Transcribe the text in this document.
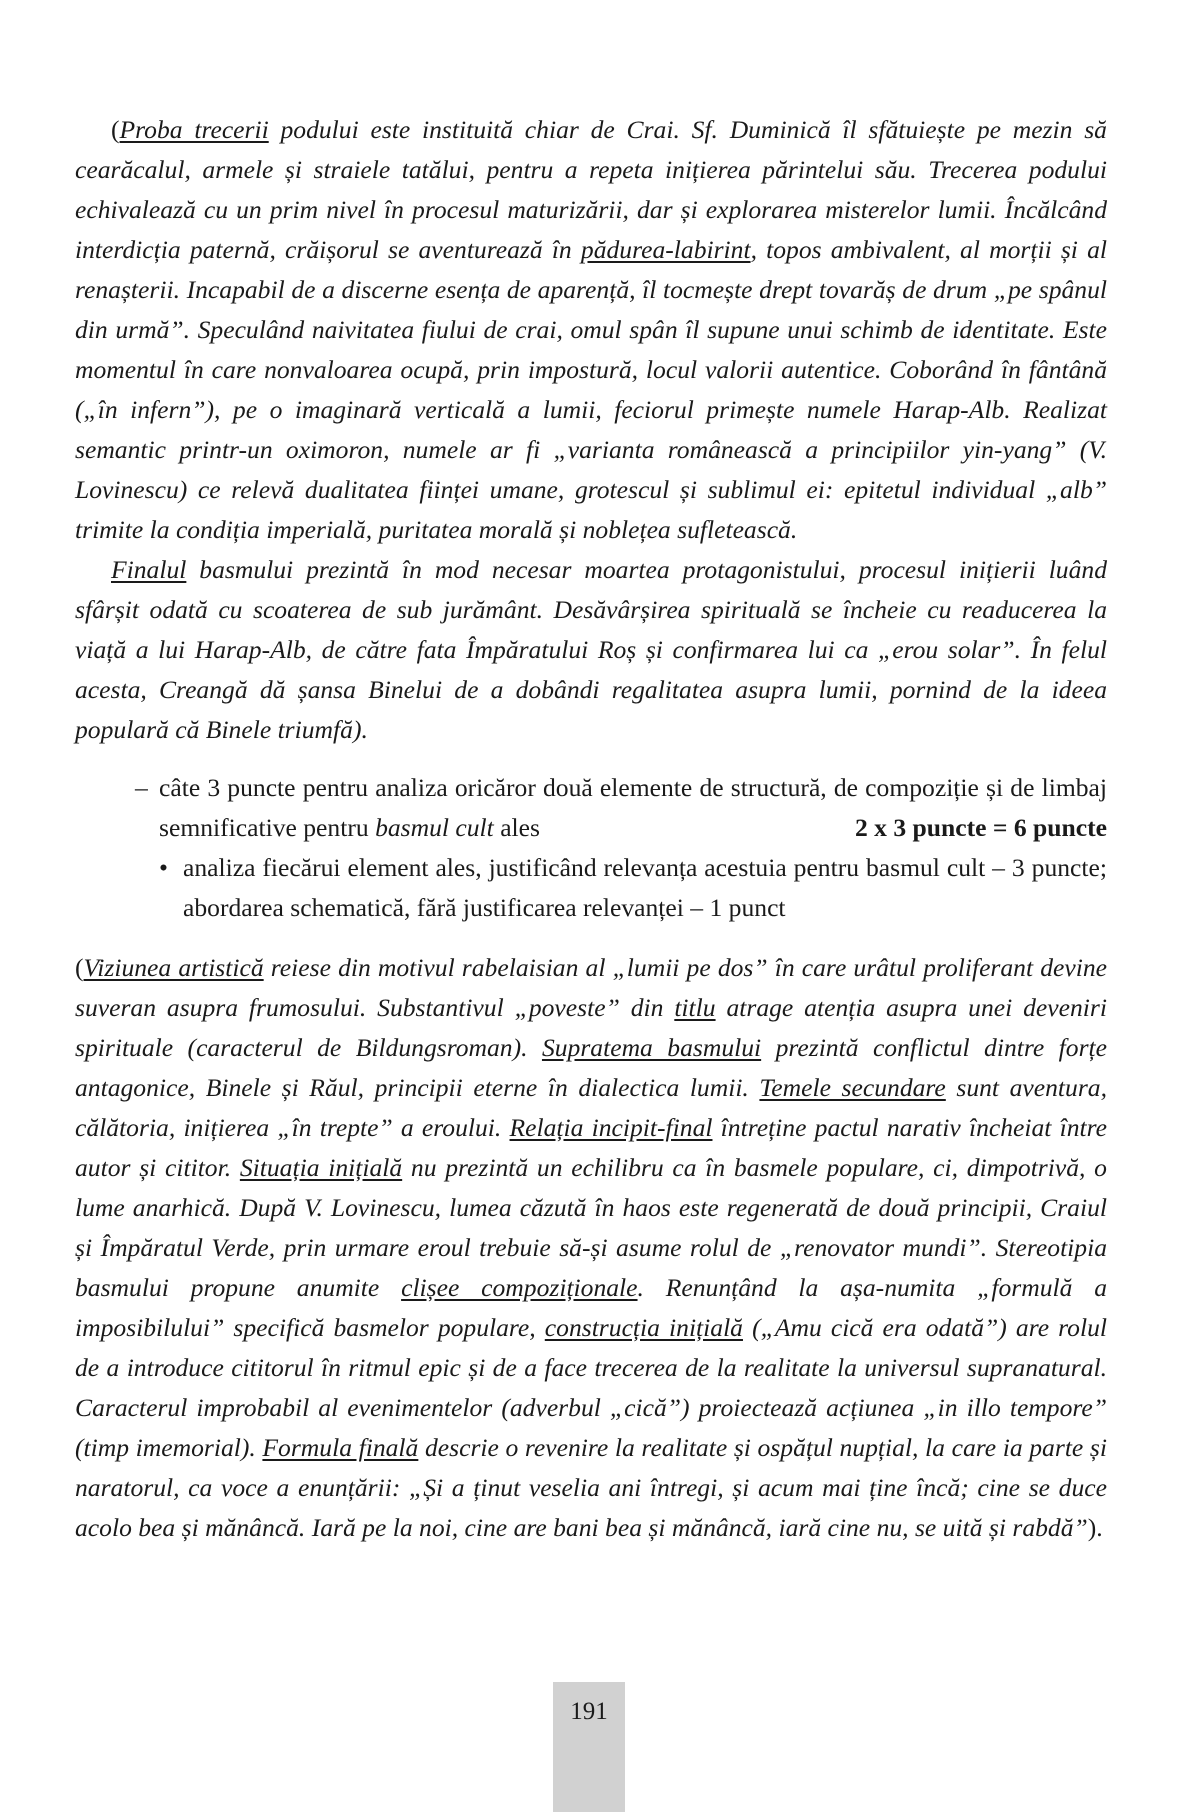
(Proba trecerii podului este instituită chiar de Crai. Sf. Duminică îl sfătuiește pe mezin să cearăcalul, armele și straiele tatălui, pentru a repeta inițierea părintelui său. Trecerea podului echivalează cu un prim nivel în procesul maturizării, dar și explorarea misterelor lumii. Încălcând interdicția paternă, crăișorul se aventurează în pădurea-labirint, topos ambivalent, al morții și al renașterii. Incapabil de a discerne esența de aparență, îl tocmește drept tovarăș de drum „pe spânul din urmă”. Speculând naivitatea fiului de crai, omul spân îl supune unui schimb de identitate. Este momentul în care nonvaloarea ocupă, prin impostură, locul valorii autentice. Coborând în fântână („în infern”), pe o imaginară verticală a lumii, feciorul primește numele Harap-Alb. Realizat semantic printr-un oximoron, numele ar fi „varianta românească a principiilor yin-yang” (V. Lovinescu) ce relevă dualitatea ființei umane, grotescul și sublimul ei: epitetul individual „alb” trimite la condiția imperială, puritatea morală și noblețea sufletească.

Finalul basmului prezintă în mod necesar moartea protagonistului, procesul inițierii luând sfârșit odată cu scoaterea de sub jurământ. Desăvârșirea spirituală se încheie cu readucerea la viață a lui Harap-Alb, de către fata Împăratului Roș și confirmarea lui ca „erou solar”. În felul acesta, Creangă dă șansa Binelui de a dobândi regalitatea asupra lumii, pornind de la ideea populară că Binele triumfă).

– câte 3 puncte pentru analiza oricăror două elemente de structură, de compoziție și de limbaj semnificative pentru basmul cult ales	2 x 3 puncte = 6 puncte
• analiza fiecărui element ales, justificând relevanța acestuia pentru basmul cult – 3 puncte; abordarea schematică, fără justificarea relevanței – 1 punct

(Viziunea artistică reiese din motivul rabelaisian al „lumii pe dos” în care urâtul proliferant devine suveran asupra frumosului. Substantivul „poveste” din titlu atrage atenția asupra unei deveniri spirituale (caracterul de Bildungsroman). Supratema basmului prezintă conflictul dintre forțe antagonice, Binele și Răul, principii eterne în dialectica lumii. Temele secundare sunt aventura, călătoria, inițierea „în trepte” a eroului. Relația incipit-final întreține pactul narativ încheiat între autor și cititor. Situația inițială nu prezintă un echilibru ca în basmele populare, ci, dimpotrivă, o lume anarhică. După V. Lovinescu, lumea căzută în haos este regenerată de două principii, Craiul și Împăratul Verde, prin urmare eroul trebuie să-și asume rolul de „renovator mundi”. Stereotipia basmului propune anumite clișee compoziționale. Renunțând la așa-numita „formulă a imposibilului” specifică basmelor populare, construcția inițială („Amu cică era odată”) are rolul de a introduce cititorul în ritmul epic și de a face trecerea de la realitate la universul supranatural. Caracterul improbabil al evenimentelor (adverbul „cică”) proiectează acțiunea „in illo tempore” (timp imemorial). Formula finală descrie o revenire la realitate și ospățul nupțial, la care ia parte și naratorul, ca voce a enunțării: „Și a ținut veselia ani întregi, și acum mai ține încă; cine se duce acolo bea și mănâncă. Iară pe la noi, cine are bani bea și mănâncă, iară cine nu, se uită și rabdă”).

191
